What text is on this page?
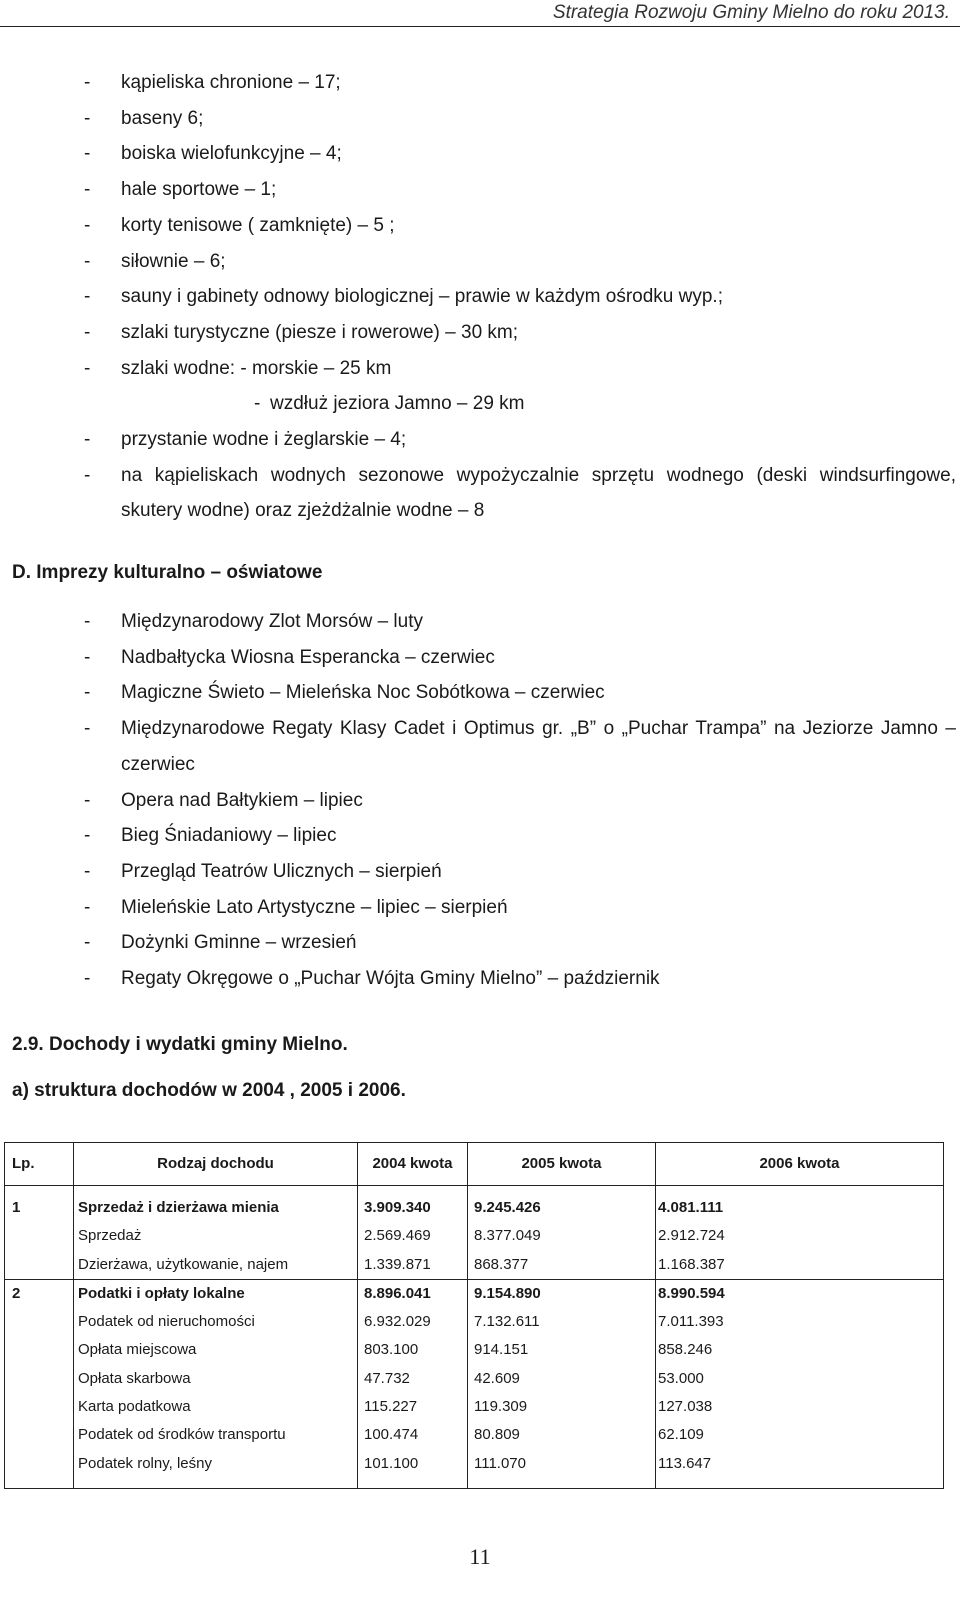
Strategia Rozwoju Gminy Mielno do roku 2013.
- kąpieliska chronione – 17;
- baseny 6;
- boiska wielofunkcyjne – 4;
- hale sportowe – 1;
- korty tenisowe ( zamknięte) – 5 ;
- siłownie – 6;
- sauny i gabinety odnowy biologicznej – prawie w każdym ośrodku wyp.;
- szlaki turystyczne (piesze i rowerowe) – 30 km;
- szlaki wodne: - morskie – 25 km
- wzdłuż jeziora Jamno – 29 km
- przystanie wodne i żeglarskie – 4;
- na kąpieliskach wodnych sezonowe wypożyczalnie sprzętu wodnego (deski windsurfingowe, skutery wodne) oraz zjeżdżalnie wodne – 8
D. Imprezy kulturalno – oświatowe
- Międzynarodowy Zlot Morsów – luty
- Nadbałtycka Wiosna Esperancka – czerwiec
- Magiczne Świeto – Mieleńska Noc Sobótkowa – czerwiec
- Międzynarodowe Regaty Klasy Cadet i Optimus gr. „B” o „Puchar Trampa” na Jeziorze Jamno – czerwiec
- Opera nad Bałtykiem – lipiec
- Bieg Śniadaniowy – lipiec
- Przegląd Teatrów Ulicznych – sierpień
- Mieleńskie Lato Artystyczne – lipiec – sierpień
- Dożynki Gminne – wrzesień
- Regaty Okręgowe o „Puchar Wójta Gminy Mielno” – październik
2.9. Dochody i wydatki gminy Mielno.
a) struktura dochodów w 2004 , 2005 i 2006.
Lp.	Rodzaj dochodu	2004 kwota	2005 kwota	2006 kwota
1	Sprzedaż i dzierżawa mienia	3.909.340	9.245.426	4.081.111
Sprzedaż	2.569.469	8.377.049	2.912.724
Dzierżawa, użytkowanie, najem	1.339.871	868.377	1.168.387
2	Podatki i opłaty lokalne	8.896.041	9.154.890	8.990.594
Podatek od nieruchomości	6.932.029	7.132.611	7.011.393
Opłata miejscowa	803.100	914.151	858.246
Opłata skarbowa	47.732	42.609	53.000
Karta podatkowa	115.227	119.309	127.038
Podatek od środków transportu	100.474	80.809	62.109
Podatek rolny, leśny	101.100	111.070	113.647
11
